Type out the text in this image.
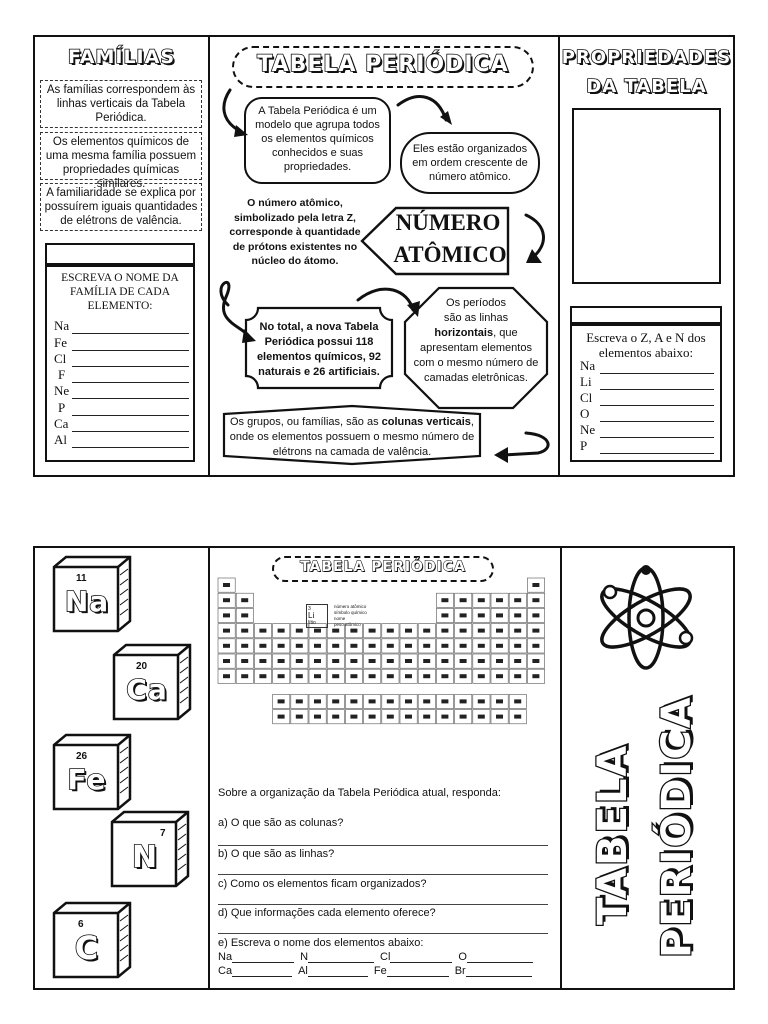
FAMÍLIAS
As famílias correspondem às linhas verticais da Tabela Periódica.
Os elementos químicos de uma mesma família possuem propriedades químicas similares.
A familiaridade se explica por possuírem iguais quantidades de elétrons de valência.
ESCREVA O NOME DA FAMÍLIA DE CADA ELEMENTO:
Na
Fe
Cl
F
Ne
P
Ca
Al
TABELA PERIÓDICA
A Tabela Periódica é um modelo que agrupa todos os elementos químicos conhecidos e suas propriedades.
Eles estão organizados em ordem crescente de número atômico.
O número atômico, simbolizado pela letra Z, corresponde à quantidade de prótons existentes no núcleo do átomo.
NÚMERO
ATÔMICO
No total, a nova Tabela Periódica possui 118 elementos químicos, 92 naturais e 26 artificiais.
Os períodos
são as linhas
horizontais, que apresentam elementos com o mesmo número de camadas eletrônicas.
Os grupos, ou famílias, são as colunas verticais, onde os elementos possuem o mesmo número de elétrons na camada de valência.
PROPRIEDADES
DA TABELA
Escreva o Z, A e N dos elementos abaixo:
Na
Li
Cl
O
Ne
P
11
Na
20
Ca
26
Fe
7
N
6
C
TABELA PERIÓDICA
3
Li
lítio
número atômico
símbolo químico
nome
peso atômico
Sobre a organização da Tabela Periódica atual, responda:
a) O que são as colunas?
b) O que são as linhas?
c) Como os elementos ficam organizados?
d) Que informações cada elemento oferece?
e) Escreva o nome dos elementos abaixo:
Na	N	Cl	O
Ca	Al	Fe	Br
TABELA PERIÓDICA
